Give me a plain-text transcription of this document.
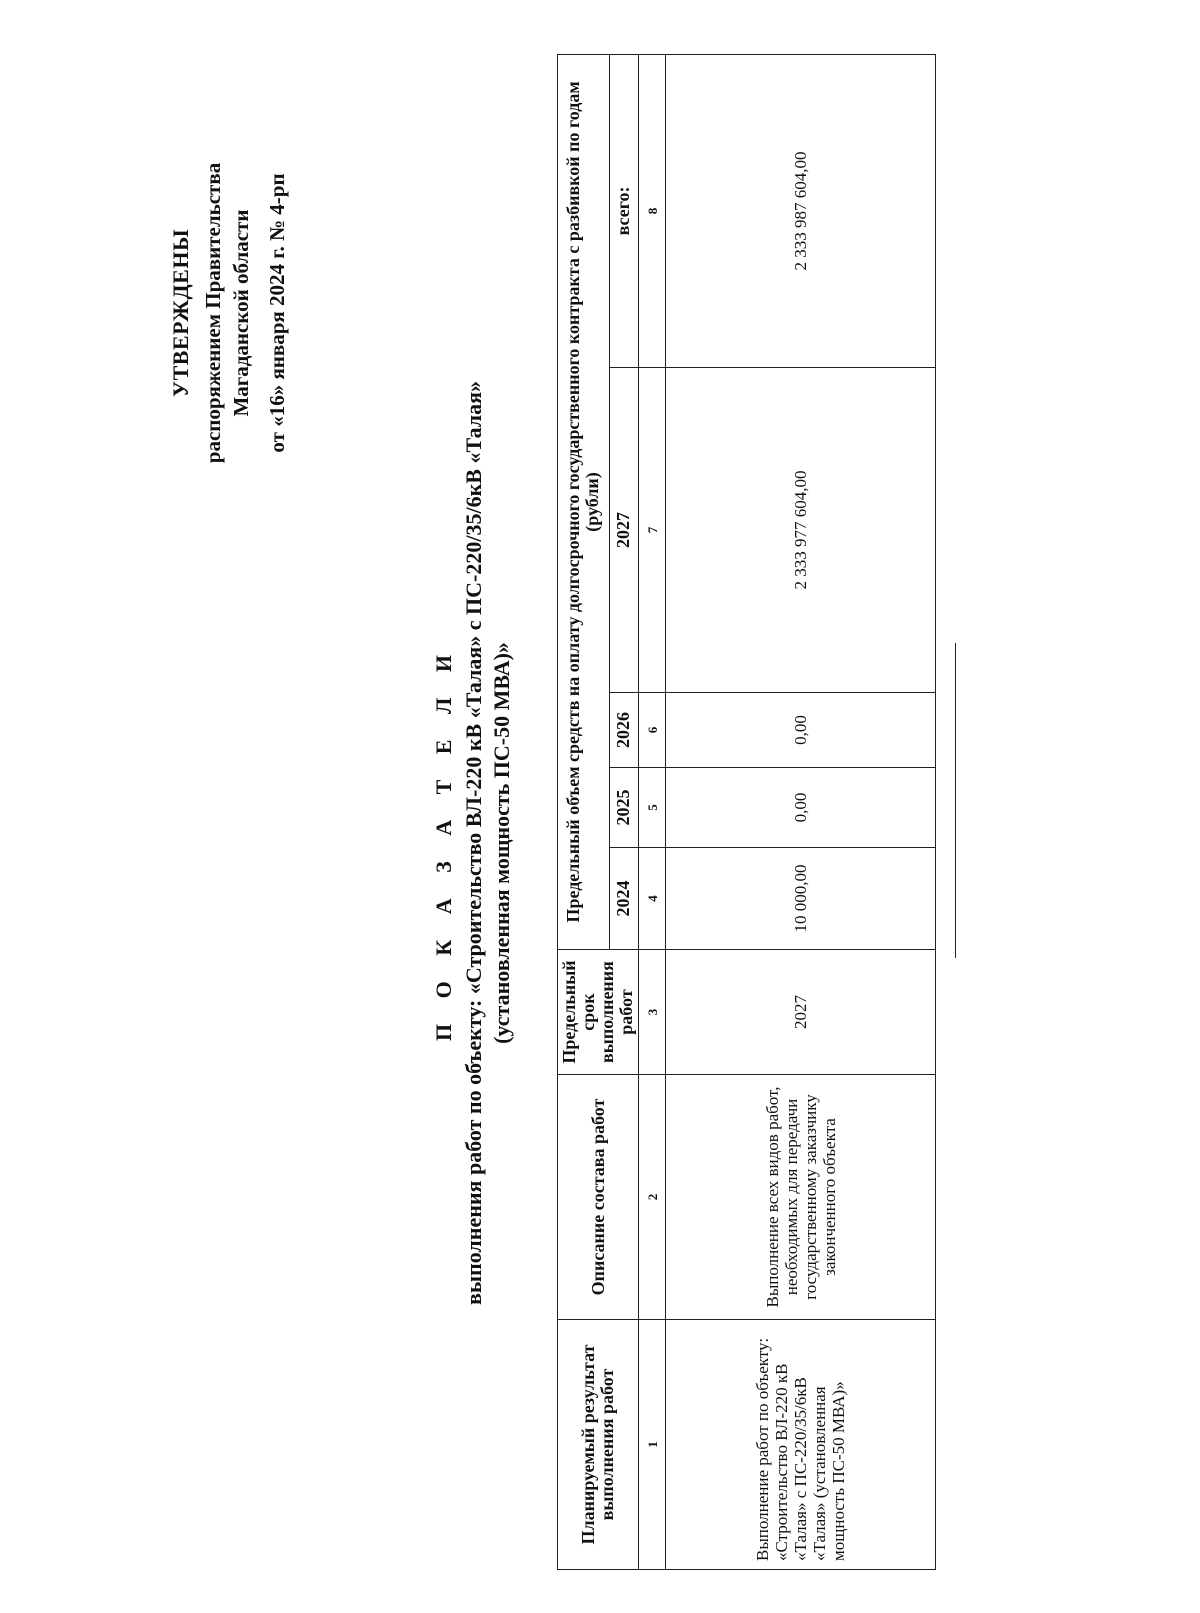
УТВЕРЖДЕНЫ распоряжением Правительства Магаданской области от «16» января 2024 г. № 4-рп
П О К А З А Т Е Л И выполнения работ по объекту: «Строительство ВЛ-220 кВ «Талая» с ПС-220/35/6кВ «Талая» (установленная мощность ПС-50 МВА)»
Планируемый результат выполнения работ	Описание состава работ	Предельный срок выполнения работ	Предельный объем средств на оплату долгосрочного государственного контракта с разбивкой по годам (рубли)				
			2024	2025	2026	2027	всего:
1	2	3	4	5	6	7	8
Выполнение работ по объекту: «Строительство ВЛ-220 кВ «Талая» с ПС-220/35/6кВ «Талая» (установленная мощность ПС-50 МВА)»	Выполнение всех видов работ, необходимых для передачи государственному заказчику законченного объекта	2027	10 000,00	0,00	0,00	2 333 977 604,00	2 333 987 604,00
